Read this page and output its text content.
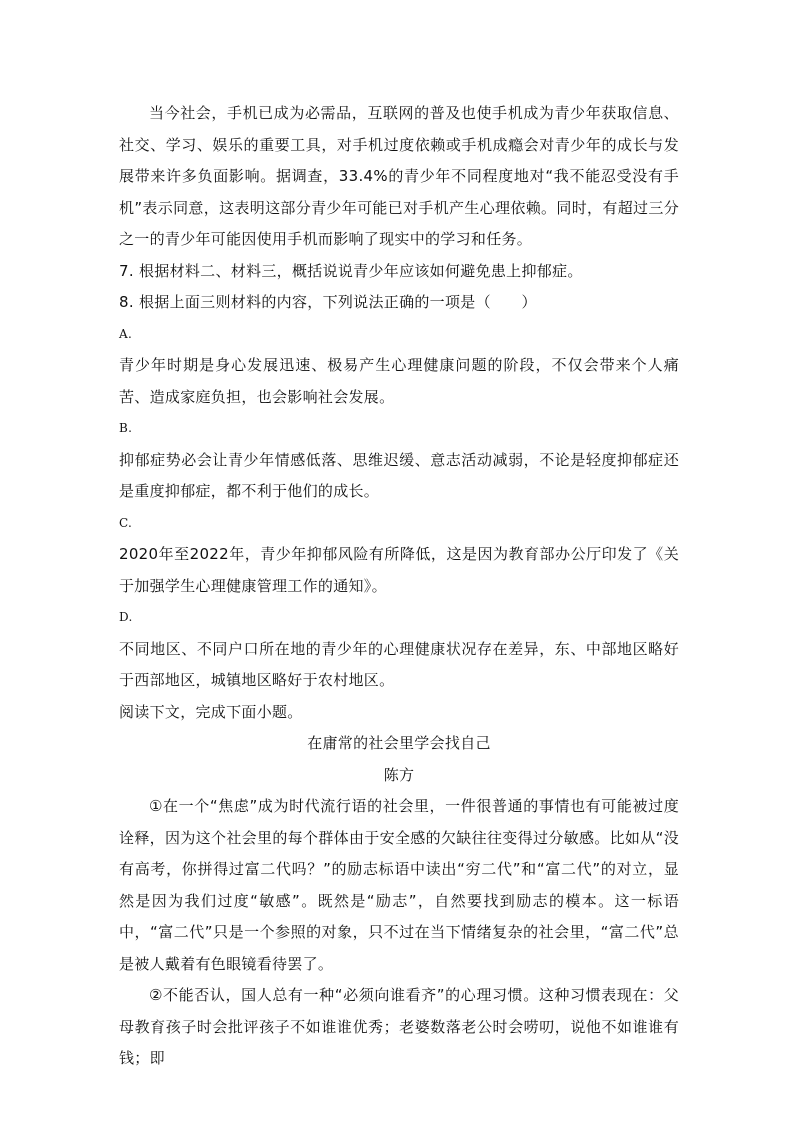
当今社会，手机已成为必需品，互联网的普及也使手机成为青少年获取信息、社交、学习、娱乐的重要工具，对手机过度依赖或手机成瘾会对青少年的成长与发展带来许多负面影响。据调查，33.4%的青少年不同程度地对“我不能忍受没有手机”表示同意，这表明这部分青少年可能已对手机产生心理依赖。同时，有超过三分之一的青少年可能因使用手机而影响了现实中的学习和任务。

7. 根据材料二、材料三，概括说说青少年应该如何避免患上抑郁症。

8. 根据上面三则材料的内容，下列说法正确的一项是（　　）

A.

青少年时期是身心发展迅速、极易产生心理健康问题的阶段，不仅会带来个人痛苦、造成家庭负担，也会影响社会发展。

B.

抑郁症势必会让青少年情感低落、思维迟缓、意志活动减弱，不论是轻度抑郁症还是重度抑郁症，都不利于他们的成长。

C.

2020年至2022年，青少年抑郁风险有所降低，这是因为教育部办公厅印发了《关于加强学生心理健康管理工作的通知》。

D.

不同地区、不同户口所在地的青少年的心理健康状况存在差异，东、中部地区略好于西部地区，城镇地区略好于农村地区。

阅读下文，完成下面小题。

在庸常的社会里学会找自己

陈方

①在一个“焦虑”成为时代流行语的社会里，一件很普通的事情也有可能被过度诠释，因为这个社会里的每个群体由于安全感的欠缺往往变得过分敏感。比如从“没有高考，你拼得过富二代吗？”的励志标语中读出“穷二代”和“富二代”的对立，显然是因为我们过度“敏感”。既然是“励志”，自然要找到励志的模本。这一标语中，“富二代”只是一个参照的对象，只不过在当下情绪复杂的社会里，“富二代”总是被人戴着有色眼镜看待罢了。

②不能否认，国人总有一种“必须向谁看齐”的心理习惯。这种习惯表现在：父母教育孩子时会批评孩子不如谁谁优秀；老婆数落老公时会唠叨，说他不如谁谁有钱；即
